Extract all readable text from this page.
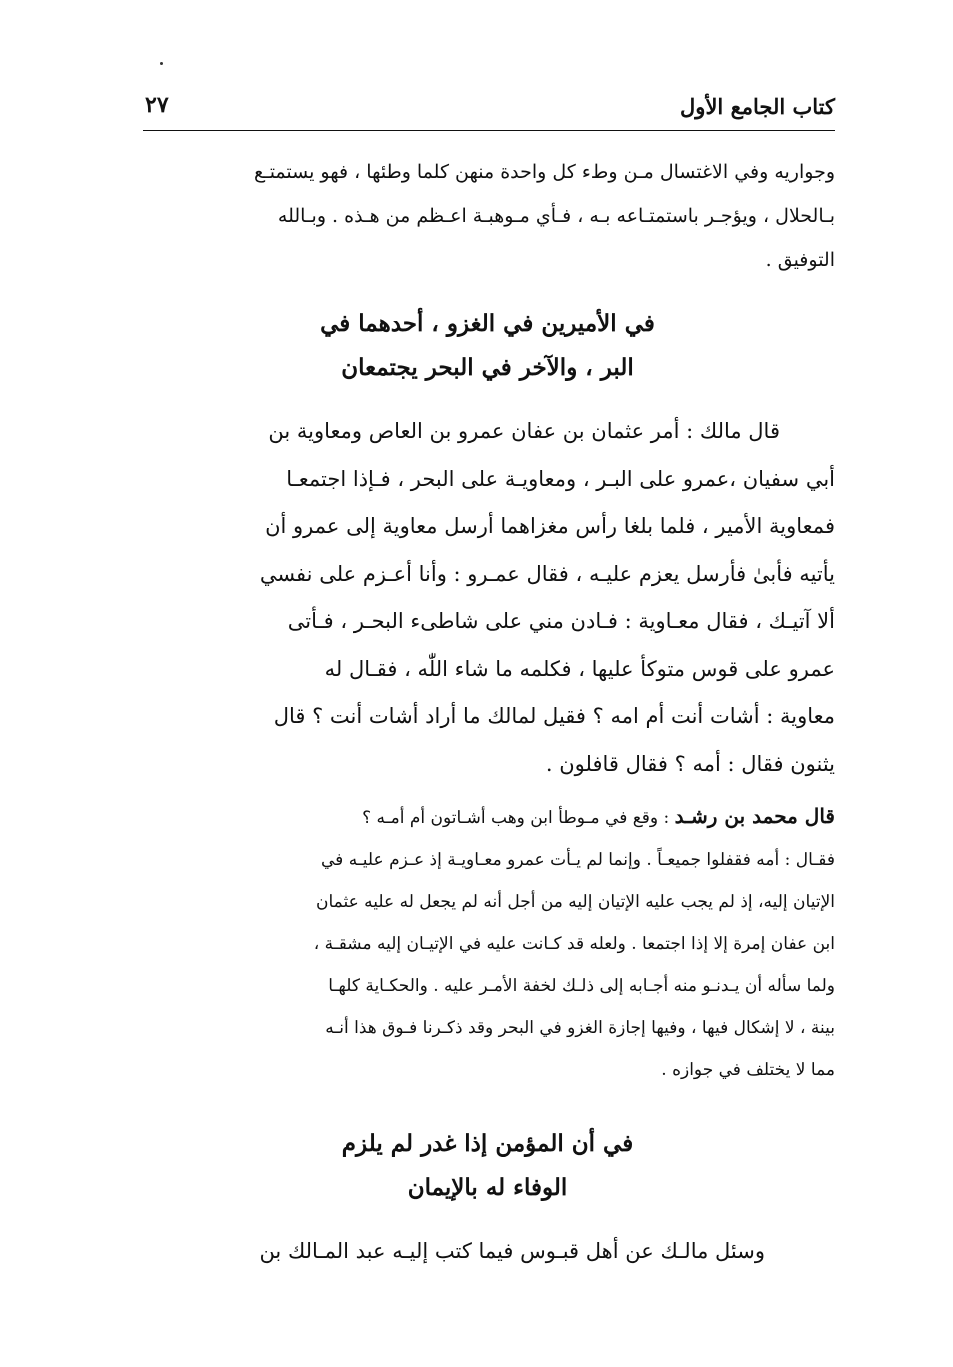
كتاب الجامع الأول
٢٧

وجواريه وفي الاغتسال مـن وطء كل واحدة منهن كلما وطئها ، فهو يستمتـع
بـالحلال ، ويؤجـر باستمتـاعه بـه ، فـأي مـوهبـة اعـظم من هـذه . وبـالله
التوفيق .

في الأميرين في الغزو ، أحدهما في
البر ، والآخر في البحر يجتمعان

قال مالك : أمر عثمان بن عفان عمرو بن العاص ومعاوية بن
أبي سفيان ،عمرو على البـر ، ومعاويـة على البحر ، فـإذا اجتمعـا
فمعاوية الأمير ، فلما بلغا رأس مغزاهما أرسل معاوية إلى عمرو أن
يأتيه فأبىٰ فأرسل يعزم عليـه ، فقال عمـرو : وأنا أعـزم على نفسي
ألا آتيـك ، فقال معـاوية : فـادن مني على شاطىء البحـر ، فـأتى
عمرو على قوس متوكأ عليها ، فكلمه ما شاء اللّٰه ، فقـال له
معاوية : أشات أنت أم امه ؟ فقيل لمالك ما أراد أشات أنت ؟ قال
يثنون فقال : أمه ؟ فقال قافلون .

قال محمد بن رشـد : وقع في مـوطأ ابن وهب أشـاتون أم أمـه ؟
فقـال : أمه فقفلوا جميعـاً . وإنما لم يـأت عمرو معـاويـة إذ عـزم عليـه في
الإتيان إليه، إذ لم يجب عليه الإتيان إليه من أجل أنه لم يجعل له عليه عثمان
ابن عفان إمرة إلا إذا اجتمعا . ولعله قد كـانت عليه في الإتيـان إليه مشقـة ،
ولما سأله أن يـدنـو منه أجـابه إلى ذلـك لخفة الأمـر عليه . والحكـاية كلهـا
بينة ، لا إشكال فيها ، وفيها إجازة الغزو في البحر وقد ذكـرنا فـوق هذا أنـه
مما لا يختلف في جوازه .

في أن المؤمن إذا غدر لم يلزم
الوفاء له بالإيمان

وسئل مالـك عن أهل قبـوس فيما كتب إليـه عبد المـالك بن
